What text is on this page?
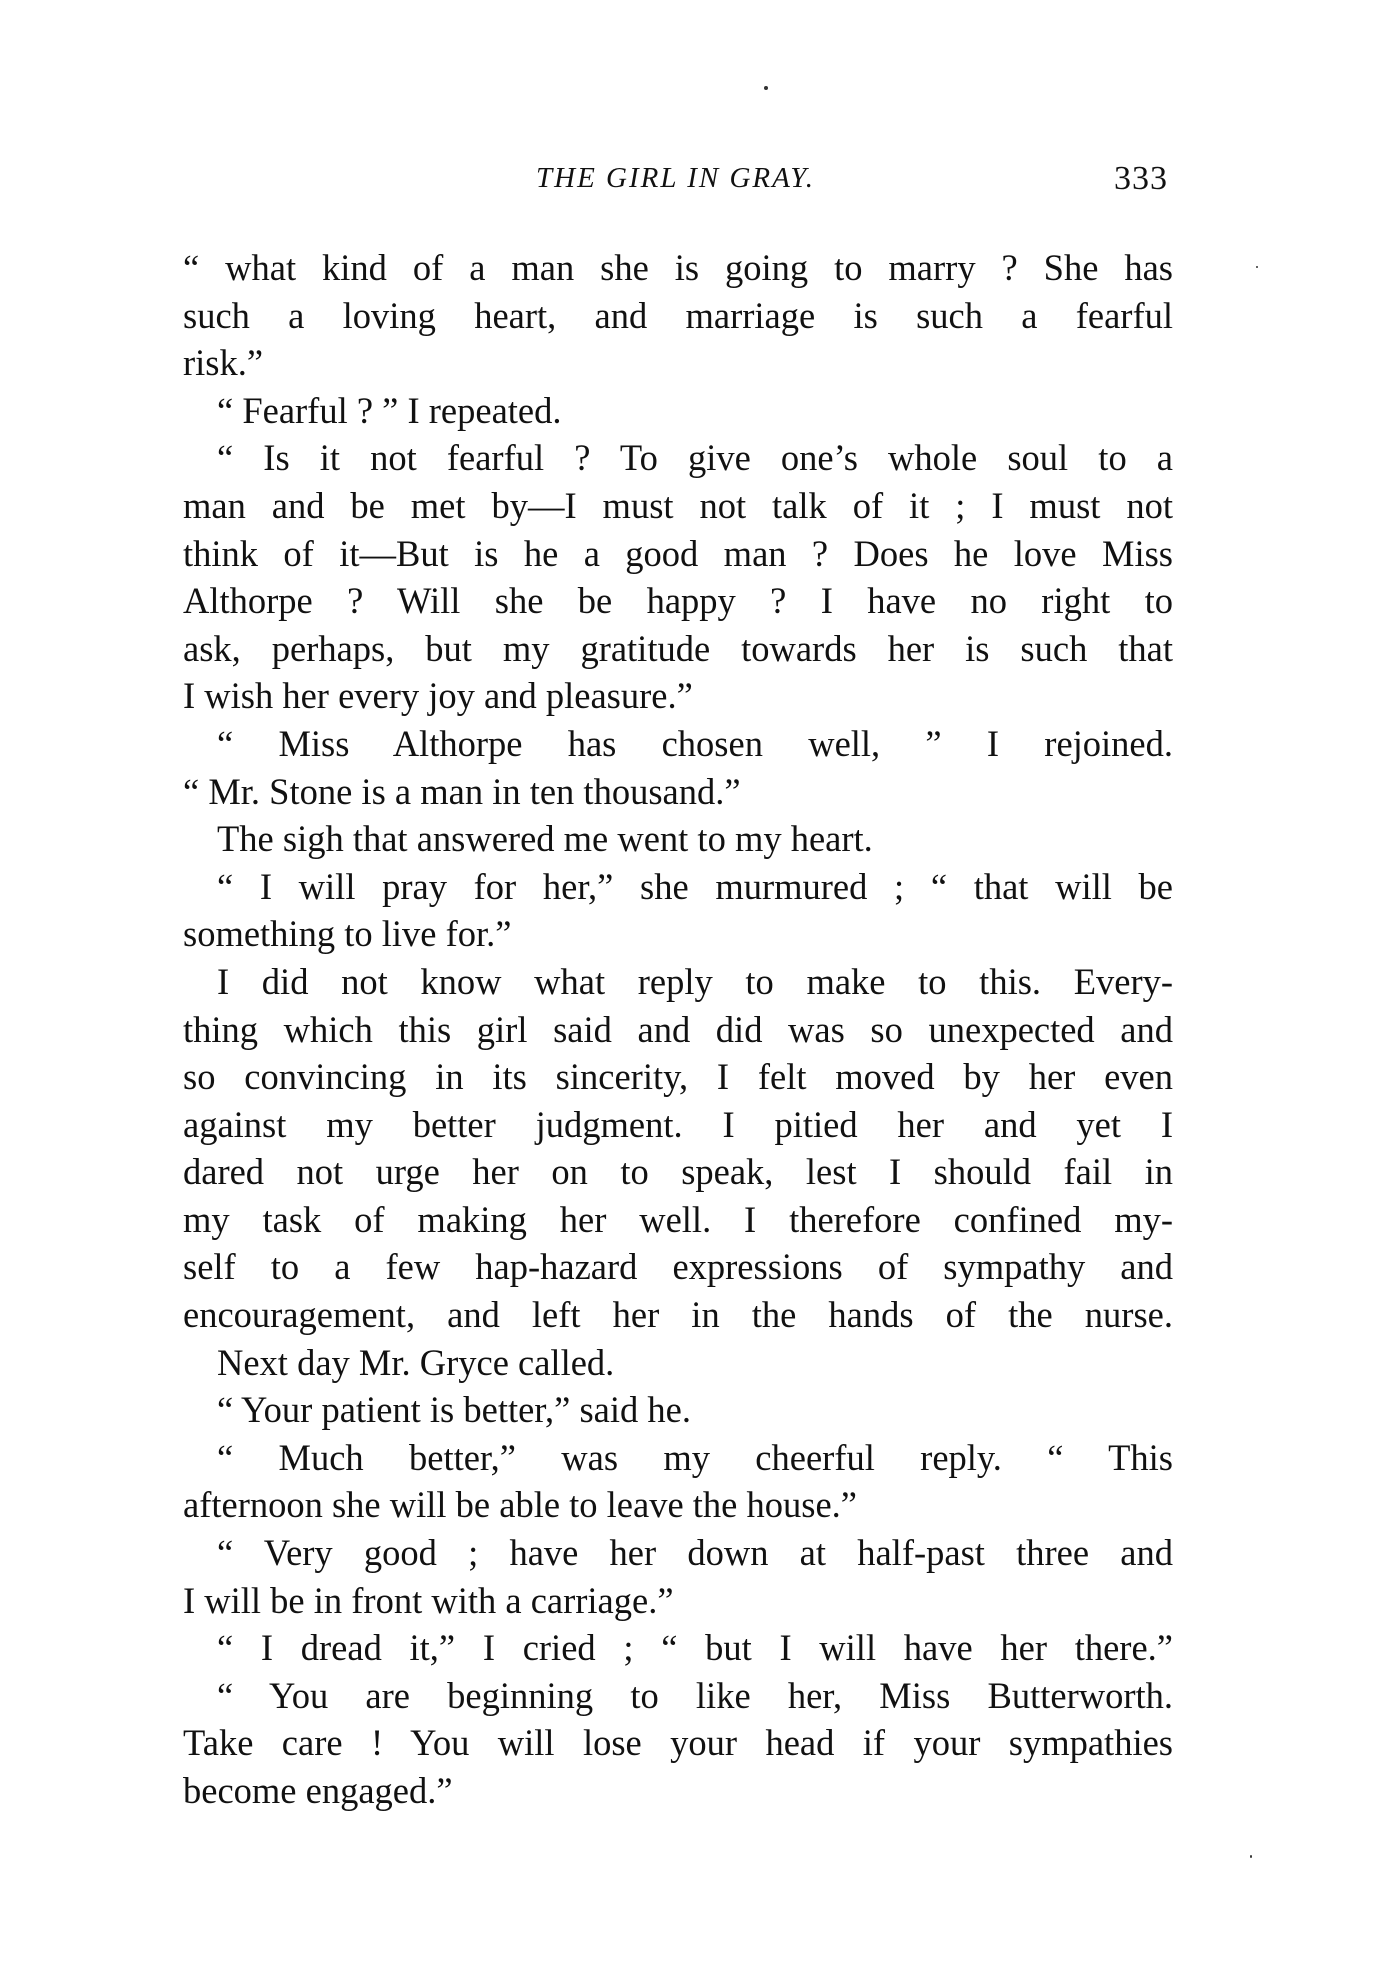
THE GIRL IN GRAY.	333
“ what kind of a man she is going to marry ? She has
such a loving heart, and marriage is such a fearful
risk.”
“ Fearful ? ” I repeated.
“ Is it not fearful ? To give one’s whole soul to a
man and be met by—I must not talk of it ; I must not
think of it—But is he a good man ? Does he love Miss
Althorpe ? Will she be happy ? I have no right to
ask, perhaps, but my gratitude towards her is such that
I wish her every joy and pleasure.”
“ Miss Althorpe has chosen well, ” I rejoined.
“ Mr. Stone is a man in ten thousand.”
The sigh that answered me went to my heart.
“ I will pray for her,” she murmured ; “ that will be
something to live for.”
I did not know what reply to make to this. Every-
thing which this girl said and did was so unexpected and
so convincing in its sincerity, I felt moved by her even
against my better judgment. I pitied her and yet I
dared not urge her on to speak, lest I should fail in
my task of making her well. I therefore confined my-
self to a few hap-hazard expressions of sympathy and
encouragement, and left her in the hands of the nurse.
Next day Mr. Gryce called.
“ Your patient is better,” said he.
“ Much better,” was my cheerful reply. “ This
afternoon she will be able to leave the house.”
“ Very good ; have her down at half-past three and
I will be in front with a carriage.”
“ I dread it,” I cried ; “ but I will have her there.”
“ You are beginning to like her, Miss Butterworth.
Take care ! You will lose your head if your sympathies
become engaged.”
